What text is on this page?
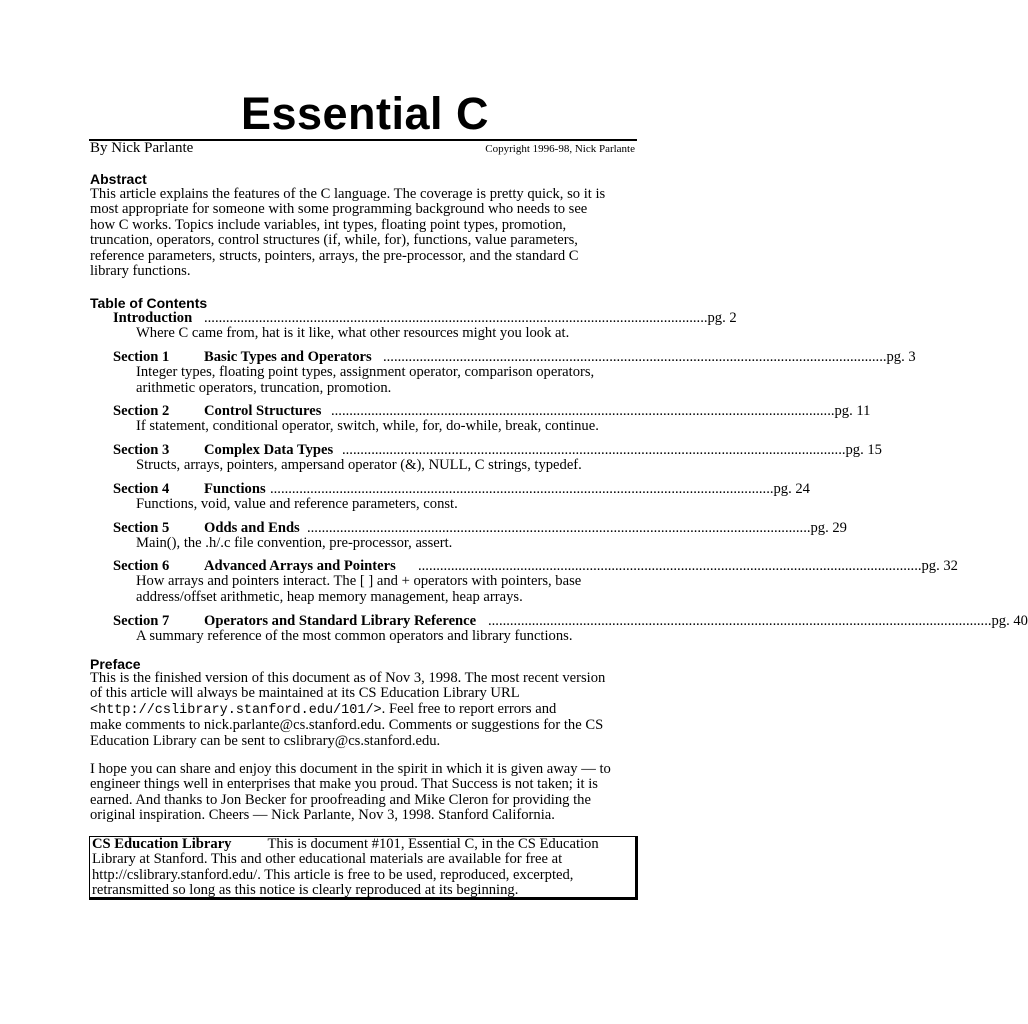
Essential C
By Nick Parlante	Copyright 1996-98, Nick Parlante
Abstract

This article explains the features of the C language. The coverage is pretty quick, so it is

most appropriate for someone with some programming background who needs to see

how C works. Topics include variables, int types, floating point types, promotion,

truncation, operators, control structures (if, while, for), functions, value parameters,

reference parameters, structs, pointers, arrays, the pre-processor, and the standard C

library functions.

Table of Contents
Introduction .......................................................................................................................................... pg. 2

Where C came from, hat is it like, what other resources might you look at.

Section 1 Basic Types and Operators .......................................................................................................................................... pg. 3

Integer types, floating point types, assignment operator, comparison operators,

arithmetic operators, truncation, promotion.

Section 2 Control Structures .......................................................................................................................................... pg. 11

If statement, conditional operator, switch, while, for, do-while, break, continue.

Section 3 Complex Data Types .......................................................................................................................................... pg. 15

Structs, arrays, pointers, ampersand operator (&), NULL, C strings, typedef.

Section 4 Functions .......................................................................................................................................... pg. 24

Functions, void, value and reference parameters, const.

Section 5 Odds and Ends .......................................................................................................................................... pg. 29

Main(), the .h/.c file convention, pre-processor, assert.

Section 6 Advanced Arrays and Pointers .......................................................................................................................................... pg. 32

How arrays and pointers interact. The [ ] and + operators with pointers, base

address/offset arithmetic, heap memory management, heap arrays.

Section 7 Operators and Standard Library Reference .......................................................................................................................................... pg. 40

A summary reference of the most common operators and library functions.

Preface

This is the finished version of this document as of Nov 3, 1998. The most recent version

of this article will always be maintained at its CS Education Library URL

<http://cslibrary.stanford.edu/101/>. Feel free to report errors and

make comments to nick.parlante@cs.stanford.edu. Comments or suggestions for the CS

Education Library can be sent to cslibrary@cs.stanford.edu.

I hope you can share and enjoy this document in the spirit in which it is given away — to

engineer things well in enterprises that make you proud. That Success is not taken; it is

earned. And thanks to Jon Becker for proofreading and Mike Cleron for providing the

original inspiration. Cheers — Nick Parlante, Nov 3, 1998. Stanford California.

CS Education Library This is document #101, Essential C, in the CS Education

Library at Stanford. This and other educational materials are available for free at

http://cslibrary.stanford.edu/. This article is free to be used, reproduced, excerpted,

retransmitted so long as this notice is clearly reproduced at its beginning.
